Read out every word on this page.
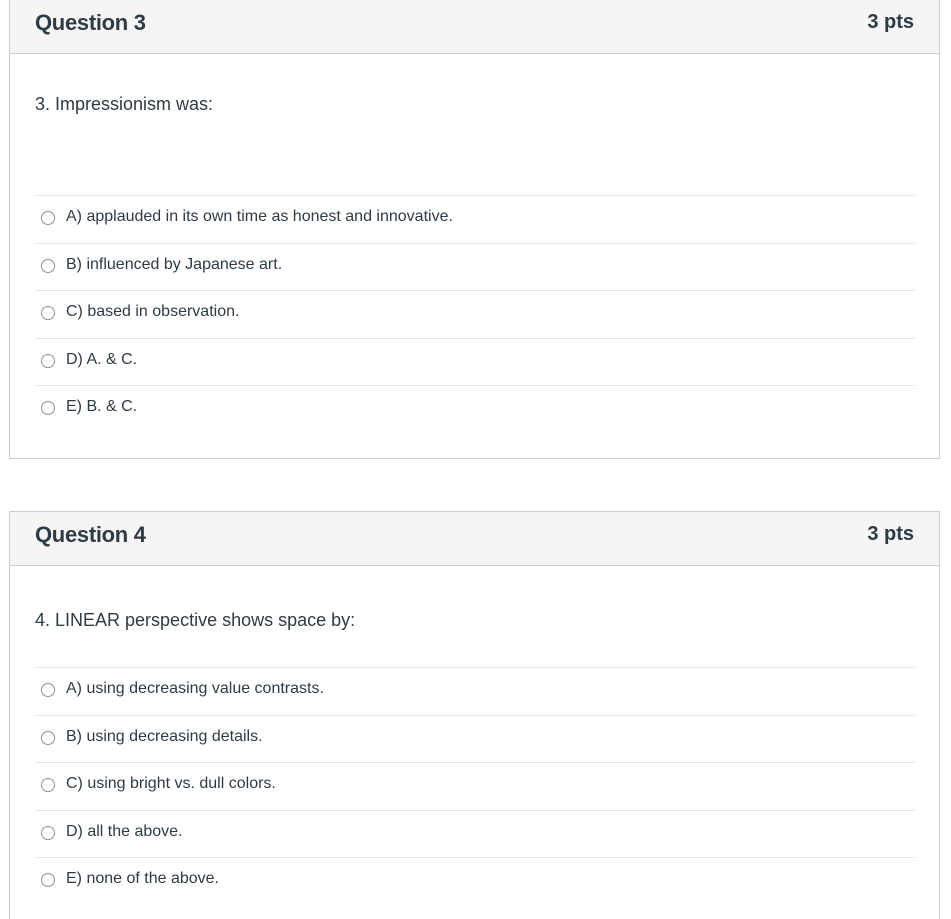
Question 3	3 pts
3. Impressionism was:
A) applauded in its own time as honest and innovative.
B) influenced by Japanese art.
C) based in observation.
D) A. & C.
E) B. & C.
Question 4	3 pts
4. LINEAR perspective shows space by:
A) using decreasing value contrasts.
B) using decreasing details.
C) using bright vs. dull colors.
D) all the above.
E) none of the above.
